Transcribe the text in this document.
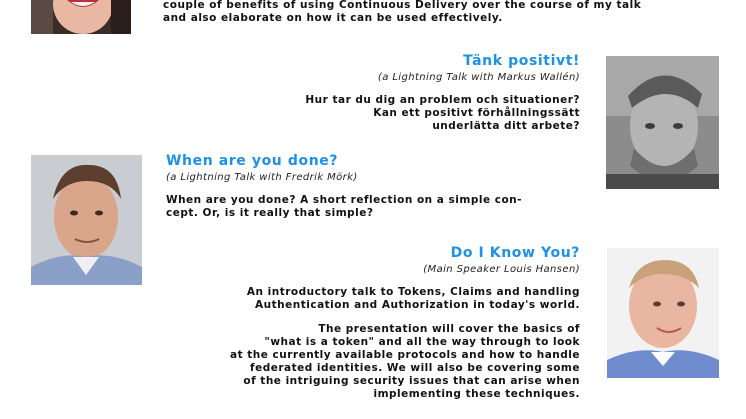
couple of benefits of using Continuous Delivery over the course of my talk
and also elaborate on how it can be used effectively.
Tänk positivt!
(a Lightning Talk with Markus Wallén)
Hur tar du dig an problem och situationer?
Kan ett positivt förhållningssätt
underlätta ditt arbete?
When are you done?
(a Lightning Talk with Fredrik Mörk)
When are you done? A short reflection on a simple con-
cept. Or, is it really that simple?
Do I Know You?
(Main Speaker Louis Hansen)
An introductory talk to Tokens, Claims and handling
Authentication and Authorization in today's world.
The presentation will cover the basics of
"what is a token" and all the way through to look
at the currently available protocols and how to handle
federated identities. We will also be covering some
of the intriguing security issues that can arise when
implementing these techniques.
